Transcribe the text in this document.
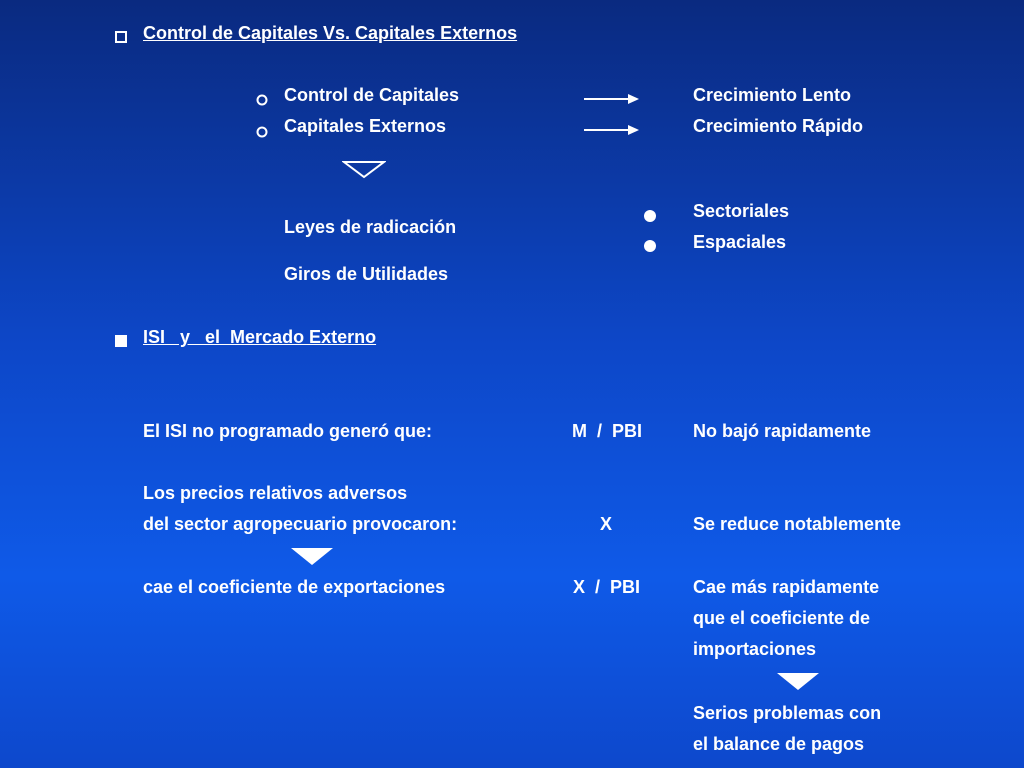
Control de Capitales Vs. Capitales Externos
Control de Capitales	Crecimiento Lento
Capitales Externos	Crecimiento Rápido
Leyes de radicación
Giros de Utilidades
Sectoriales
Espaciales
ISI   y   el  Mercado Externo
El ISI no programado generó que:	M  /  PBI	No bajó rapidamente
Los precios relativos adversos
del sector agropecuario provocaron:	X	Se reduce notablemente
cae el coeficiente de exportaciones	X  /  PBI	Cae más rapidamente
que el coeficiente de
importaciones
Serios problemas con
el balance de pagos
